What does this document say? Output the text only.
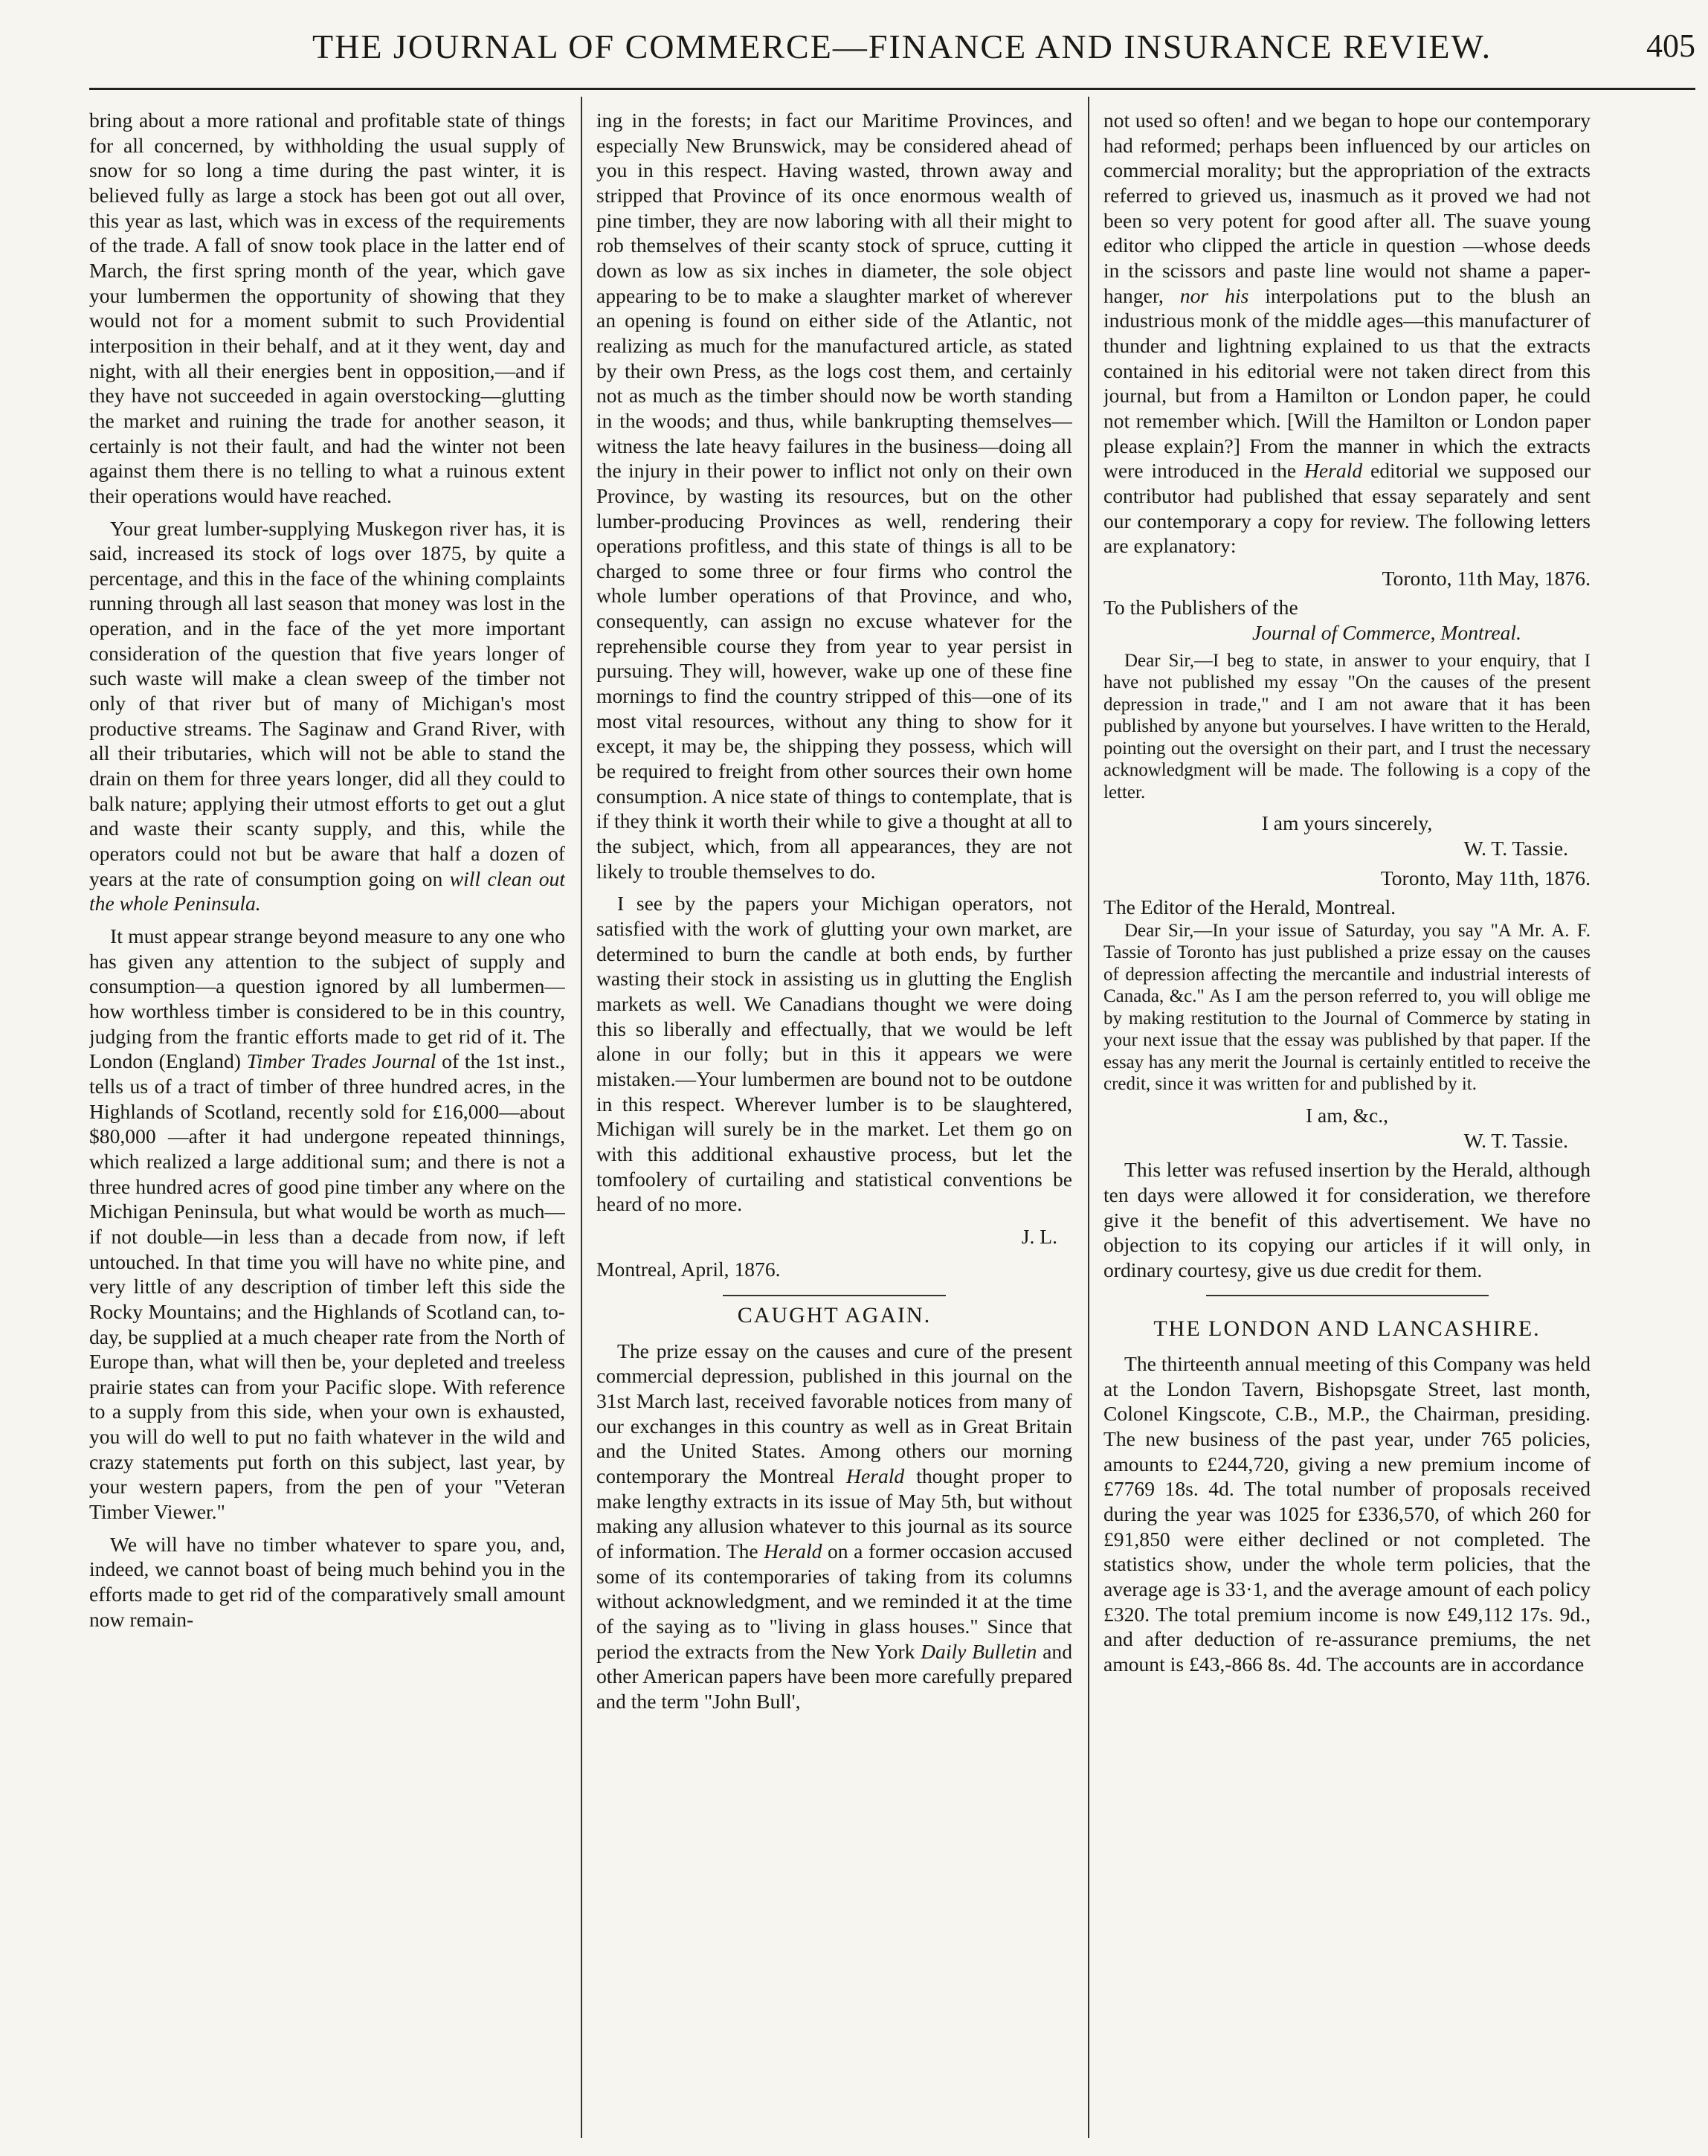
THE JOURNAL OF COMMERCE—FINANCE AND INSURANCE REVIEW.	405

bring about a more rational and profitable state of things for all concerned, by withholding the usual supply of snow for so long a time during the past winter, it is believed fully as large a stock has been got out all over, this year as last, which was in excess of the requirements of the trade. A fall of snow took place in the latter end of March, the first spring month of the year, which gave your lumbermen the opportunity of showing that they would not for a moment submit to such Providential interposition in their behalf, and at it they went, day and night, with all their energies bent in opposition,—and if they have not succeeded in again overstocking—glutting the market and ruining the trade for another season, it certainly is not their fault, and had the winter not been against them there is no telling to what a ruinous extent their operations would have reached.

Your great lumber-supplying Muskegon river has, it is said, increased its stock of logs over 1875, by quite a percentage, and this in the face of the whining complaints running through all last season that money was lost in the operation, and in the face of the yet more important consideration of the question that five years longer of such waste will make a clean sweep of the timber not only of that river but of many of Michigan's most productive streams. The Saginaw and Grand River, with all their tributaries, which will not be able to stand the drain on them for three years longer, did all they could to balk nature; applying their utmost efforts to get out a glut and waste their scanty supply, and this, while the operators could not but be aware that half a dozen of years at the rate of consumption going on will clean out the whole Peninsula.

It must appear strange beyond measure to any one who has given any attention to the subject of supply and consumption—a question ignored by all lumbermen—how worthless timber is considered to be in this country, judging from the frantic efforts made to get rid of it. The London (England) Timber Trades Journal of the 1st inst., tells us of a tract of timber of three hundred acres, in the Highlands of Scotland, recently sold for £16,000—about $80,000 —after it had undergone repeated thinnings, which realized a large additional sum; and there is not a three hundred acres of good pine timber any where on the Michigan Peninsula, but what would be worth as much—if not double—in less than a decade from now, if left untouched. In that time you will have no white pine, and very little of any description of timber left this side the Rocky Mountains; and the Highlands of Scotland can, to-day, be supplied at a much cheaper rate from the North of Europe than, what will then be, your depleted and treeless prairie states can from your Pacific slope. With reference to a supply from this side, when your own is exhausted, you will do well to put no faith whatever in the wild and crazy statements put forth on this subject, last year, by your western papers, from the pen of your "Veteran Timber Viewer."

We will have no timber whatever to spare you, and, indeed, we cannot boast of being much behind you in the efforts made to get rid of the comparatively small amount now remain-

ing in the forests; in fact our Maritime Provinces, and especially New Brunswick, may be considered ahead of you in this respect. Having wasted, thrown away and stripped that Province of its once enormous wealth of pine timber, they are now laboring with all their might to rob themselves of their scanty stock of spruce, cutting it down as low as six inches in diameter, the sole object appearing to be to make a slaughter market of wherever an opening is found on either side of the Atlantic, not realizing as much for the manufactured article, as stated by their own Press, as the logs cost them, and certainly not as much as the timber should now be worth standing in the woods; and thus, while bankrupting themselves—witness the late heavy failures in the business—doing all the injury in their power to inflict not only on their own Province, by wasting its resources, but on the other lumber-producing Provinces as well, rendering their operations profitless, and this state of things is all to be charged to some three or four firms who control the whole lumber operations of that Province, and who, consequently, can assign no excuse whatever for the reprehensible course they from year to year persist in pursuing. They will, however, wake up one of these fine mornings to find the country stripped of this—one of its most vital resources, without any thing to show for it except, it may be, the shipping they possess, which will be required to freight from other sources their own home consumption. A nice state of things to contemplate, that is if they think it worth their while to give a thought at all to the subject, which, from all appearances, they are not likely to trouble themselves to do.

I see by the papers your Michigan operators, not satisfied with the work of glutting your own market, are determined to burn the candle at both ends, by further wasting their stock in assisting us in glutting the English markets as well. We Canadians thought we were doing this so liberally and effectually, that we would be left alone in our folly; but in this it appears we were mistaken.—Your lumbermen are bound not to be outdone in this respect. Wherever lumber is to be slaughtered, Michigan will surely be in the market. Let them go on with this additional exhaustive process, but let the tomfoolery of curtailing and statistical conventions be heard of no more.

J. L.

Montreal, April, 1876.

CAUGHT AGAIN.

The prize essay on the causes and cure of the present commercial depression, published in this journal on the 31st March last, received favorable notices from many of our exchanges in this country as well as in Great Britain and the United States. Among others our morning contemporary the Montreal Herald thought proper to make lengthy extracts in its issue of May 5th, but without making any allusion whatever to this journal as its source of information. The Herald on a former occasion accused some of its contemporaries of taking from its columns without acknowledgment, and we reminded it at the time of the saying as to "living in glass houses." Since that period the extracts from the New York Daily Bulletin and other American papers have been more carefully prepared and the term "John Bull',

not used so often! and we began to hope our contemporary had reformed; perhaps been influenced by our articles on commercial morality; but the appropriation of the extracts referred to grieved us, inasmuch as it proved we had not been so very potent for good after all. The suave young editor who clipped the article in question —whose deeds in the scissors and paste line would not shame a paper-hanger, nor his interpolations put to the blush an industrious monk of the middle ages—this manufacturer of thunder and lightning explained to us that the extracts contained in his editorial were not taken direct from this journal, but from a Hamilton or London paper, he could not remember which. [Will the Hamilton or London paper please explain?] From the manner in which the extracts were introduced in the Herald editorial we supposed our contributor had published that essay separately and sent our contemporary a copy for review. The following letters are explanatory:

Toronto, 11th May, 1876.

To the Publishers of the

Journal of Commerce, Montreal.

Dear Sir,—I beg to state, in answer to your enquiry, that I have not published my essay "On the causes of the present depression in trade," and I am not aware that it has been published by anyone but yourselves. I have written to the Herald, pointing out the oversight on their part, and I trust the necessary acknowledgment will be made. The following is a copy of the letter.

I am yours sincerely,

W. T. Tassie.

Toronto, May 11th, 1876.

The Editor of the Herald, Montreal.

Dear Sir,—In your issue of Saturday, you say "A Mr. A. F. Tassie of Toronto has just published a prize essay on the causes of depression affecting the mercantile and industrial interests of Canada, &c." As I am the person referred to, you will oblige me by making restitution to the Journal of Commerce by stating in your next issue that the essay was published by that paper. If the essay has any merit the Journal is certainly entitled to receive the credit, since it was written for and published by it.

I am, &c.,

W. T. Tassie.

This letter was refused insertion by the Herald, although ten days were allowed it for consideration, we therefore give it the benefit of this advertisement. We have no objection to its copying our articles if it will only, in ordinary courtesy, give us due credit for them.

THE LONDON AND LANCASHIRE.

The thirteenth annual meeting of this Company was held at the London Tavern, Bishopsgate Street, last month, Colonel Kingscote, C.B., M.P., the Chairman, presiding. The new business of the past year, under 765 policies, amounts to £244,720, giving a new premium income of £7769 18s. 4d. The total number of proposals received during the year was 1025 for £336,570, of which 260 for £91,850 were either declined or not completed. The statistics show, under the whole term policies, that the average age is 33·1, and the average amount of each policy £320. The total premium income is now £49,112 17s. 9d., and after deduction of re-assurance premiums, the net amount is £43,-866 8s. 4d. The accounts are in accordance
